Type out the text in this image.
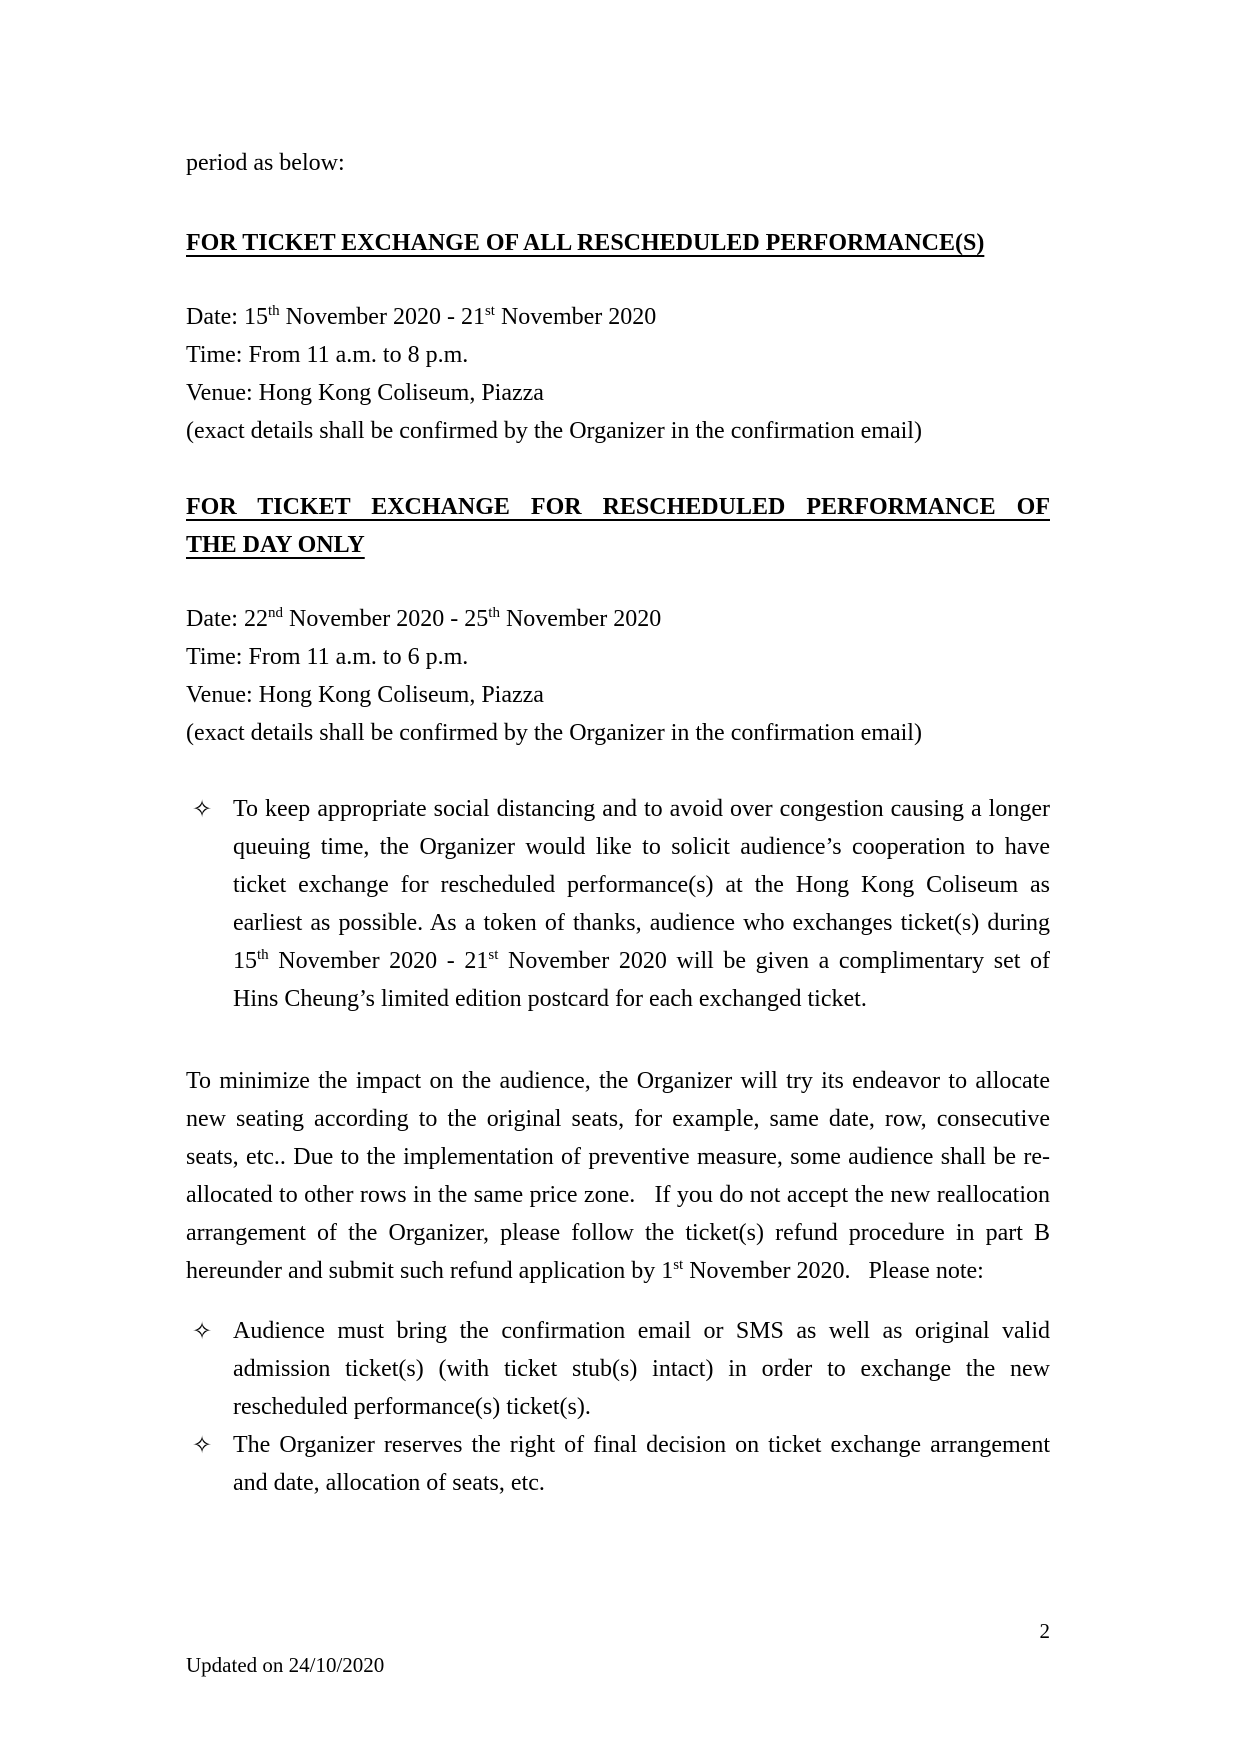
period as below:

FOR TICKET EXCHANGE OF ALL RESCHEDULED PERFORMANCE(S)

Date: 15th November 2020 - 21st November 2020

Time: From 11 a.m. to 8 p.m.

Venue: Hong Kong Coliseum, Piazza

(exact details shall be confirmed by the Organizer in the confirmation email)

FOR TICKET EXCHANGE FOR RESCHEDULED PERFORMANCE OF

THE DAY ONLY

Date: 22nd November 2020 - 25th November 2020

Time: From 11 a.m. to 6 p.m.

Venue: Hong Kong Coliseum, Piazza

(exact details shall be confirmed by the Organizer in the confirmation email)

✧ To keep appropriate social distancing and to avoid over congestion causing a longer queuing time, the Organizer would like to solicit audience’s cooperation to have ticket exchange for rescheduled performance(s) at the Hong Kong Coliseum as earliest as possible. As a token of thanks, audience who exchanges ticket(s) during 15th November 2020 - 21st November 2020 will be given a complimentary set of Hins Cheung’s limited edition postcard for each exchanged ticket.
To minimize the impact on the audience, the Organizer will try its endeavor to allocate new seating according to the original seats, for example, same date, row, consecutive seats, etc.. Due to the implementation of preventive measure, some audience shall be re-allocated to other rows in the same price zone.   If you do not accept the new reallocation arrangement of the Organizer, please follow the ticket(s) refund procedure in part B hereunder and submit such refund application by 1st November 2020.   Please note:
✧ Audience must bring the confirmation email or SMS as well as original valid admission ticket(s) (with ticket stub(s) intact) in order to exchange the new rescheduled performance(s) ticket(s).
✧ The Organizer reserves the right of final decision on ticket exchange arrangement and date, allocation of seats, etc.
2
Updated on 24/10/2020
